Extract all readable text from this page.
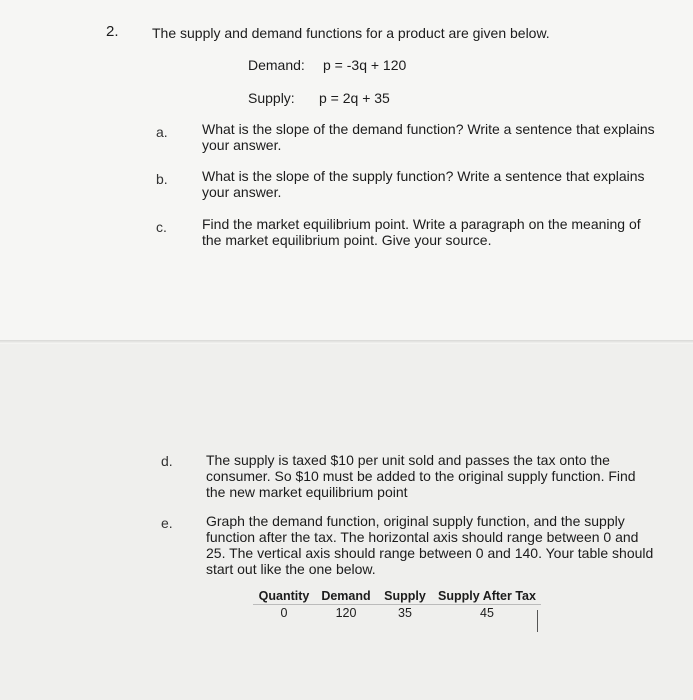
2. The supply and demand functions for a product are given below.
Demand: p = -3q + 120
Supply: p = 2q + 35
a. What is the slope of the demand function? Write a sentence that explains
your answer.
b. What is the slope of the supply function? Write a sentence that explains
your answer.
c.	Find the market equilibrium point. Write a paragraph on the meaning of
the market equilibrium point. Give your source.
d. The supply is taxed $10 per unit sold and passes the tax onto the
consumer. So $10 must be added to the original supply function. Find
the new market equilibrium point
e. Graph the demand function, original supply function, and the supply
function after the tax. The horizontal axis should range between 0 and
25. The vertical axis should range between 0 and 140. Your table should
start out like the one below.
Quantity	Demand	Supply	Supply After Tax
0	120	35	45
